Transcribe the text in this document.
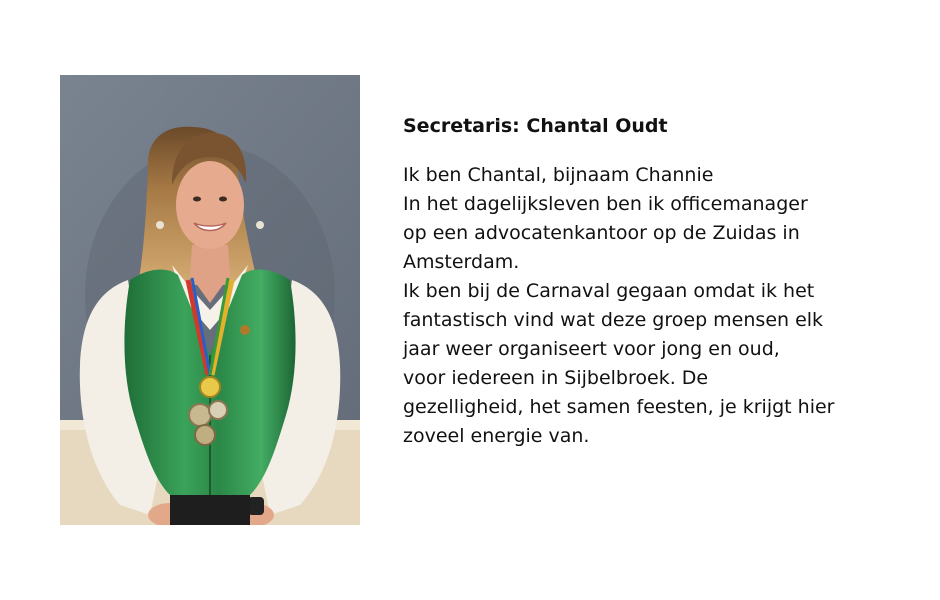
Secretaris: Chantal Oudt
Ik ben Chantal, bijnaam Channie
In het dagelijksleven ben ik officemanager
op een advocatenkantoor op de Zuidas in
Amsterdam.
Ik ben bij de Carnaval gegaan omdat ik het
fantastisch vind wat deze groep mensen elk
jaar weer organiseert voor jong en oud,
voor iedereen in Sijbelbroek. De
gezelligheid, het samen feesten, je krijgt hier
zoveel energie van.
